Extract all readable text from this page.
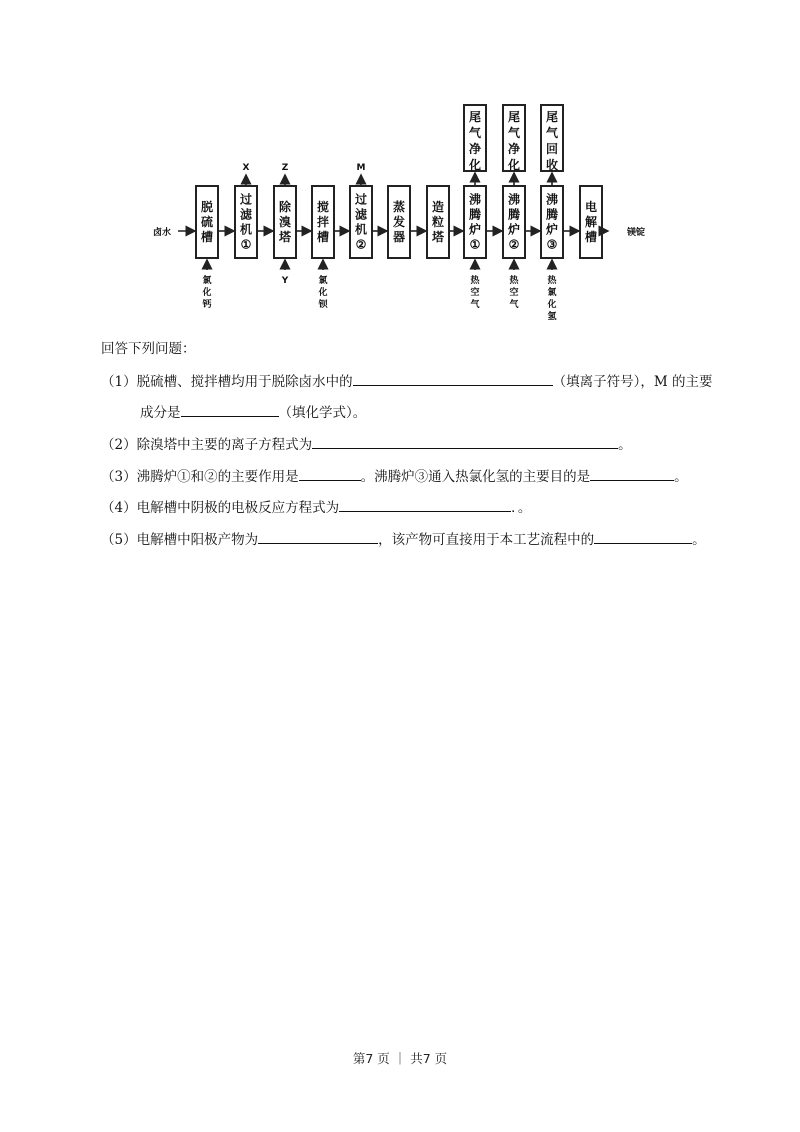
卤水
脱
硫
槽
氯
化
钙
过
滤
机
①
X
除
溴
塔
Z
Y
搅
拌
槽
氯
化
钡
过
滤
机
②
M
蒸
发
器
造
粒
塔
沸
腾
炉
①
尾
气
净
化
热
空
气
沸
腾
炉
②
尾
气
净
化
热
空
气
沸
腾
炉
③
尾
气
回
收
热
氯
化
氢
电
解
槽	镁锭
回答下列问题：
（1）脱硫槽、搅拌槽均用于脱除卤水中的	（填离子符号），M 的主要
成分是	（填化学式）。
（2）除溴塔中主要的离子方程式为	。
（3）沸腾炉①和②的主要作用是	。沸腾炉③通入热氯化氢的主要目的是	。
（4）电解槽中阴极的电极反应方程式为	．。
（5）电解槽中阳极产物为	，该产物可直接用于本工艺流程中的	。
第7 页 ｜ 共7 页
